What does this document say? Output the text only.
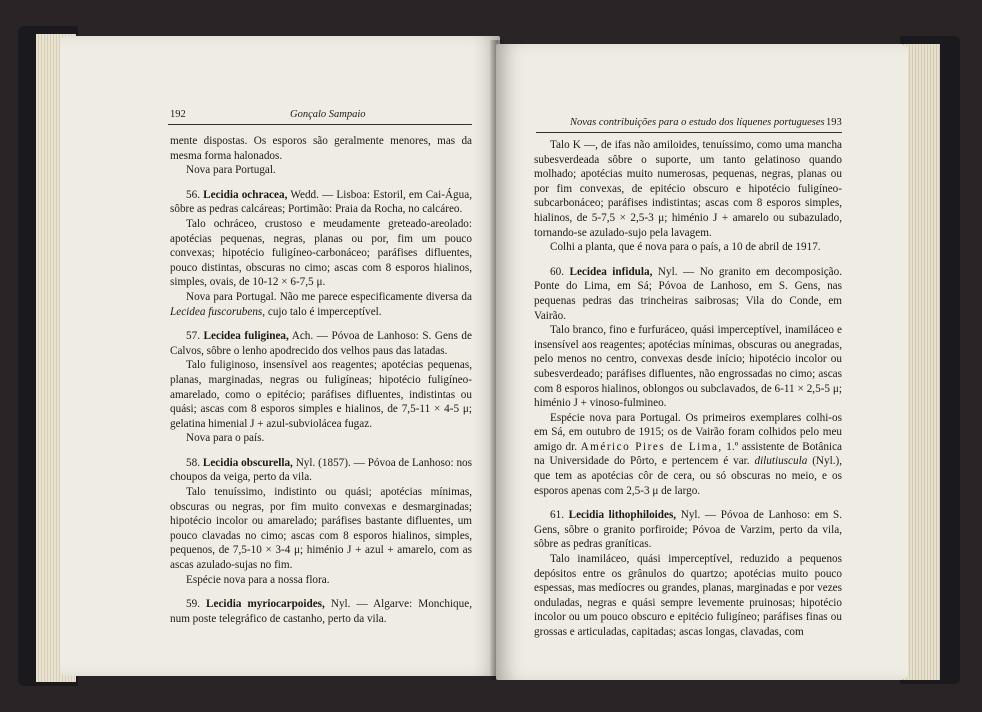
192	Gonçalo Sampaio

mente dispostas. Os esporos são geralmente menores, mas da mesma forma halonados.

Nova para Portugal.

56. Lecidia ochracea, Wedd. — Lisboa: Estoril, em Cai-Água, sôbre as pedras calcáreas; Portimão: Praia da Rocha, no calcáreo.

Talo ochráceo, crustoso e meudamente greteado-areolado: apotécias pequenas, negras, planas ou por, fim um pouco convexas; hipotécio fuligíneo-carbonáceo; paráfises difluentes, pouco distintas, obscuras no cimo; ascas com 8 esporos hialinos, simples, ovais, de 10-12 × 6-7,5 μ.

Nova para Portugal. Não me parece especificamente diversa da Lecidea fuscorubens, cujo talo é imperceptível.

57. Lecidea fuliginea, Ach. — Póvoa de Lanhoso: S. Gens de Calvos, sôbre o lenho apodrecido dos velhos paus das latadas.

Talo fuliginoso, insensível aos reagentes; apotécias pequenas, planas, marginadas, negras ou fuligíneas; hipotécio fuligíneo-amarelado, como o epitécio; paráfises difluentes, indistintas ou quási; ascas com 8 esporos simples e hialinos, de 7,5-11 × 4-5 μ; gelatina himenial J + azul-subviolácea fugaz.

Nova para o país.

58. Lecidia obscurella, Nyl. (1857). — Póvoa de Lanhoso: nos choupos da veiga, perto da vila.

Talo tenuíssimo, indistinto ou quási; apotécias mínimas, obscuras ou negras, por fim muito convexas e desmarginadas; hipotécio incolor ou amarelado; paráfises bastante difluentes, um pouco clavadas no cimo; ascas com 8 esporos hialinos, simples, pequenos, de 7,5-10 × 3-4 μ; himénio J + azul + amarelo, com as ascas azulado-sujas no fim.

Espécie nova para a nossa flora.

59. Lecidia myriocarpoides, Nyl. — Algarve: Monchique, num poste telegráfico de castanho, perto da vila.

Novas contribuições para o estudo dos líquenes portugueses 193

Talo K —, de ifas não amiloides, tenuíssimo, como uma mancha subesverdeada sôbre o suporte, um tanto gelatinoso quando molhado; apotécias muito numerosas, pequenas, negras, planas ou por fim convexas, de epitécio obscuro e hipotécio fuligíneo-subcarbonáceo; paráfises indistintas; ascas com 8 esporos simples, hialinos, de 5-7,5 × 2,5-3 μ; himénio J + amarelo ou subazulado, tornando-se azulado-sujo pela lavagem.

Colhi a planta, que é nova para o país, a 10 de abril de 1917.

60. Lecidea infidula, Nyl. — No granito em decomposição. Ponte do Lima, em Sá; Póvoa de Lanhoso, em S. Gens, nas pequenas pedras das trincheiras saibrosas; Vila do Conde, em Vairão.

Talo branco, fino e furfuráceo, quási imperceptível, inamiláceo e insensível aos reagentes; apotécias mínimas, obscuras ou anegradas, pelo menos no centro, convexas desde início; hipotécio incolor ou subesverdeado; paráfises difluentes, não engrossadas no cimo; ascas com 8 esporos hialinos, oblongos ou subclavados, de 6-11 × 2,5-5 μ; himénio J + vinoso-fulmineo.

Espécie nova para Portugal. Os primeiros exemplares colhi-os em Sá, em outubro de 1915; os de Vairão foram colhidos pelo meu amigo dr. Américo Pires de Lima, 1.º assistente de Botânica na Universidade do Pôrto, e pertencem é var. dilutiuscula (Nyl.), que tem as apotécias côr de cera, ou só obscuras no meio, e os esporos apenas com 2,5-3 μ de largo.

61. Lecidia lithophiloides, Nyl. — Póvoa de Lanhoso: em S. Gens, sôbre o granito porfiroide; Póvoa de Varzim, perto da vila, sôbre as pedras graníticas.

Talo inamiláceo, quási imperceptível, reduzido a pequenos depósitos entre os grânulos do quartzo; apotécias muito pouco espessas, mas medíocres ou grandes, planas, marginadas e por vezes onduladas, negras e quási sempre levemente pruinosas; hipotécio incolor ou um pouco obscuro e epitécio fuligíneo; paráfises finas ou grossas e articuladas, capitadas; ascas longas, clavadas, com
